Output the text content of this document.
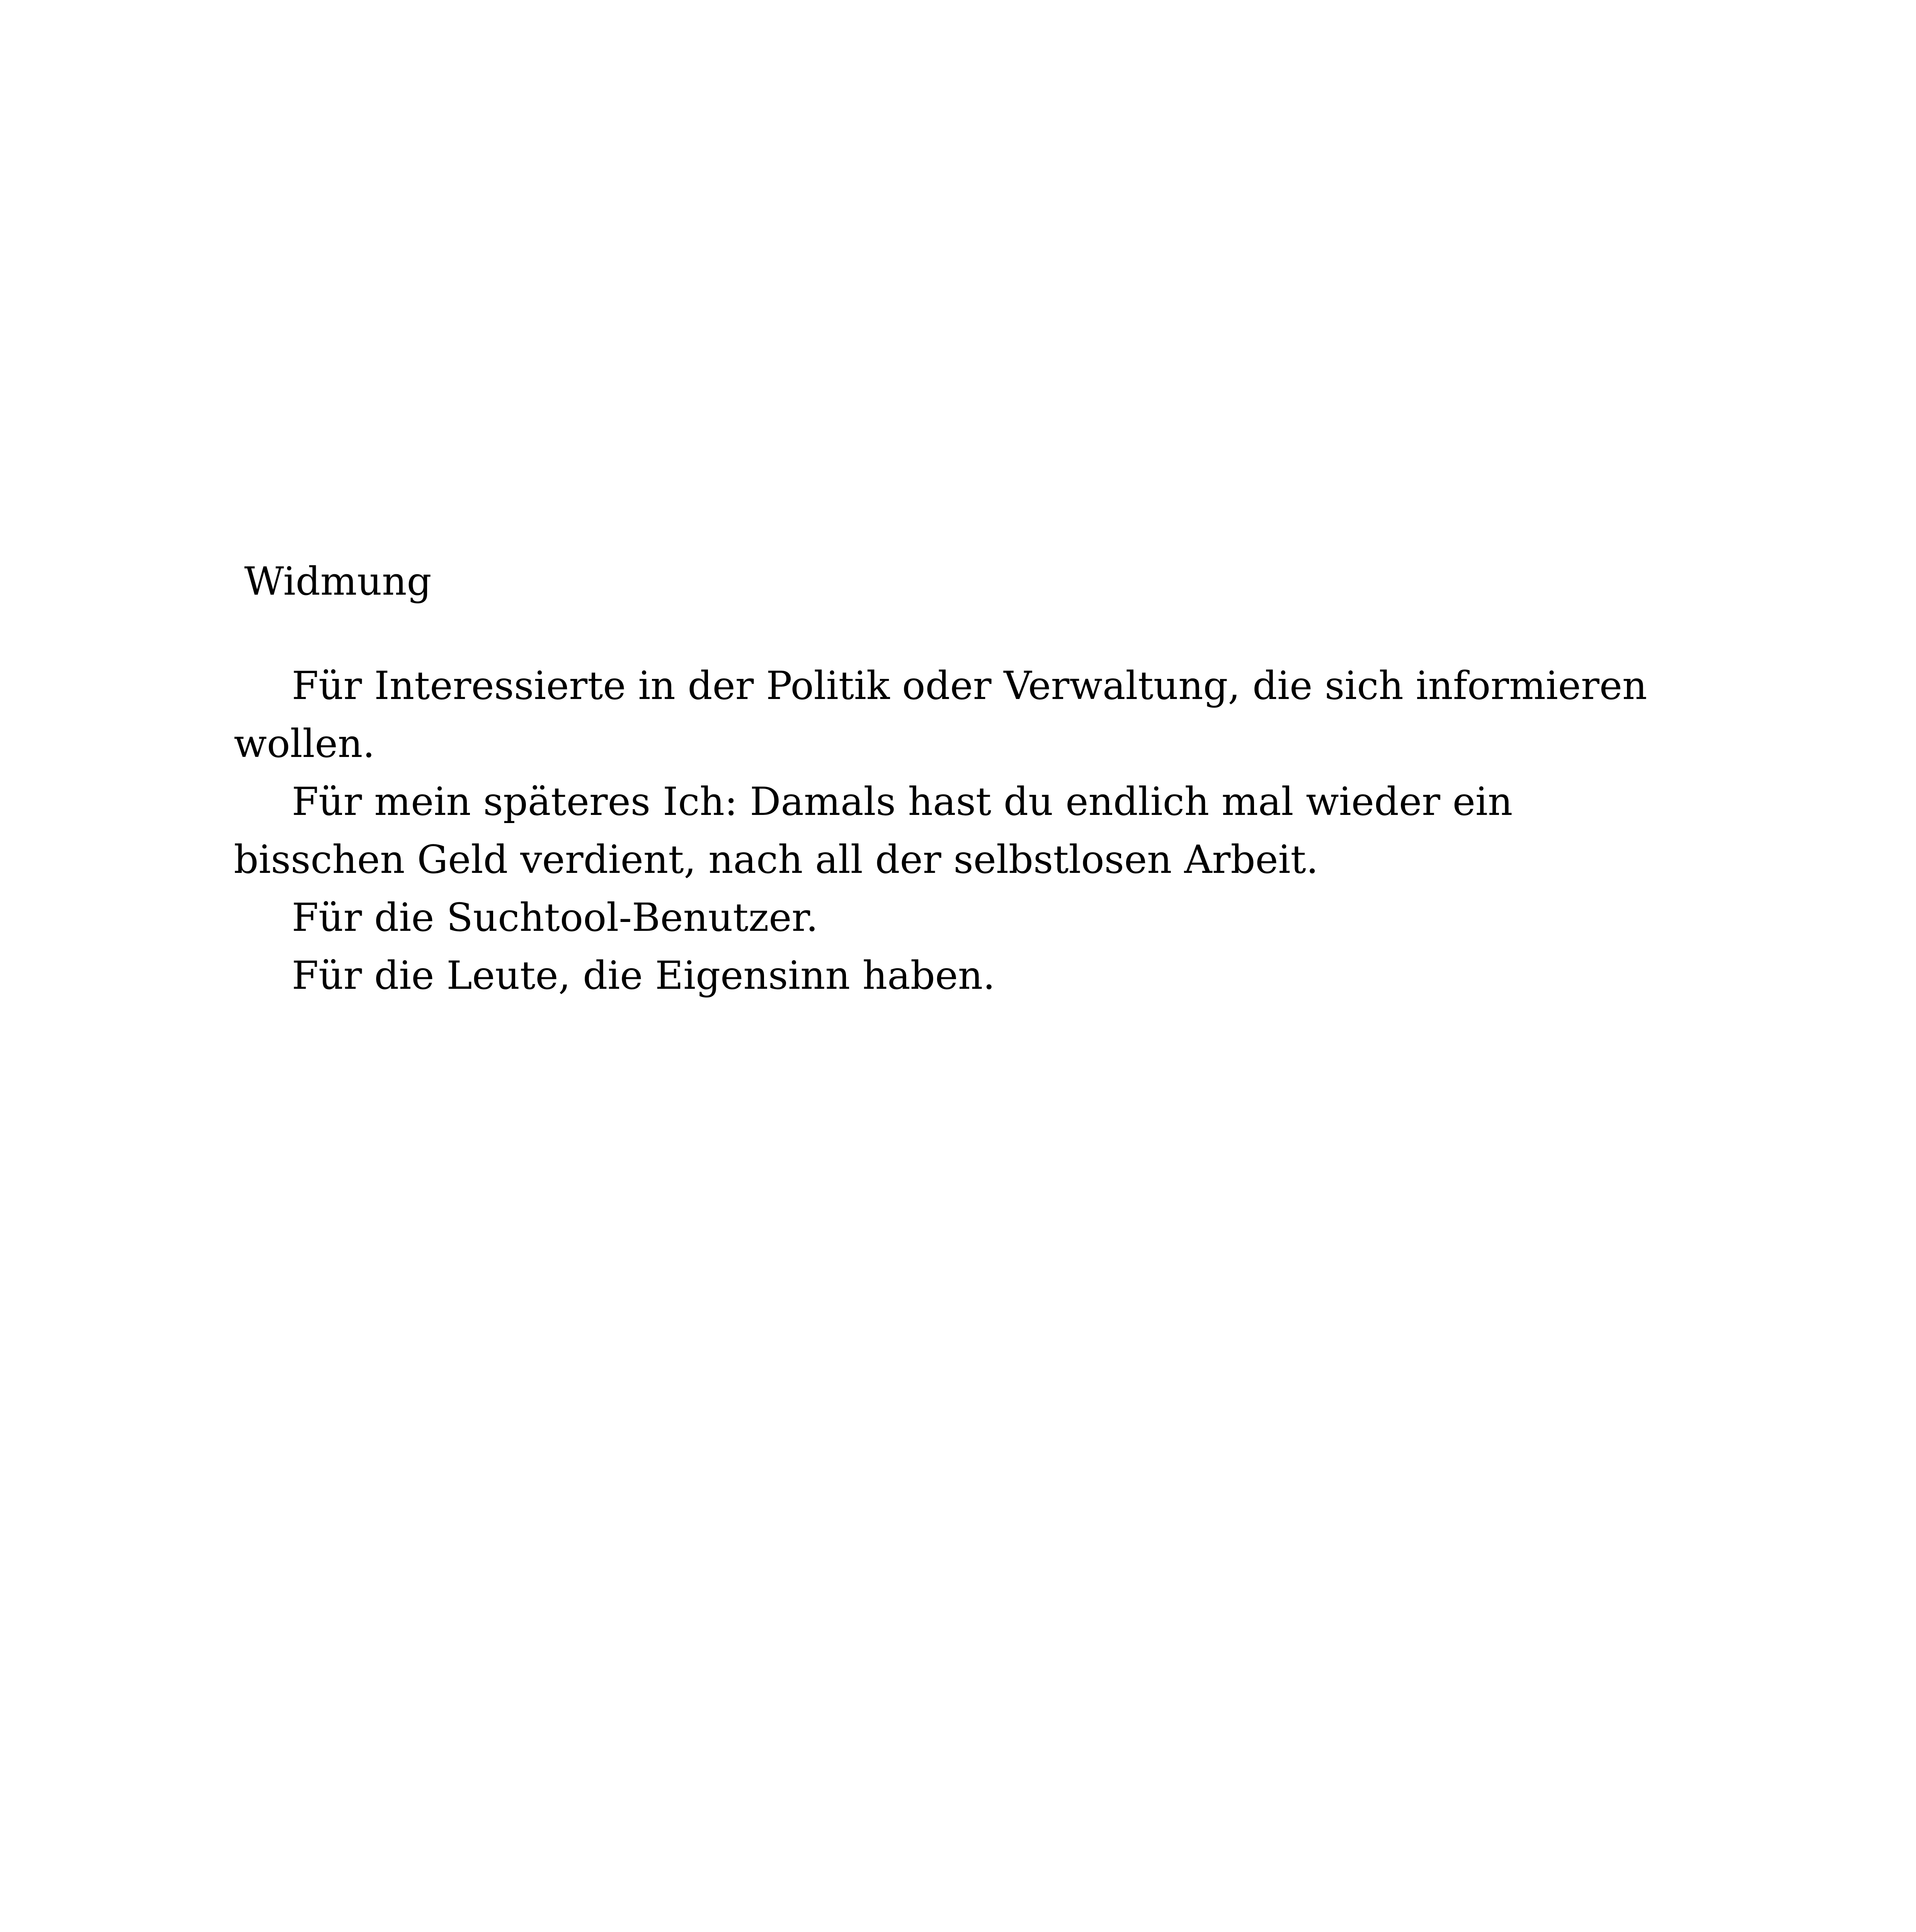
Widmung

Für Interessierte in der Politik oder Verwaltung, die sich informieren wollen.

Für mein späteres Ich: Damals hast du endlich mal wieder ein bisschen Geld verdient, nach all der selbstlosen Arbeit.

Für die Suchtool-Benutzer.

Für die Leute, die Eigensinn haben.
